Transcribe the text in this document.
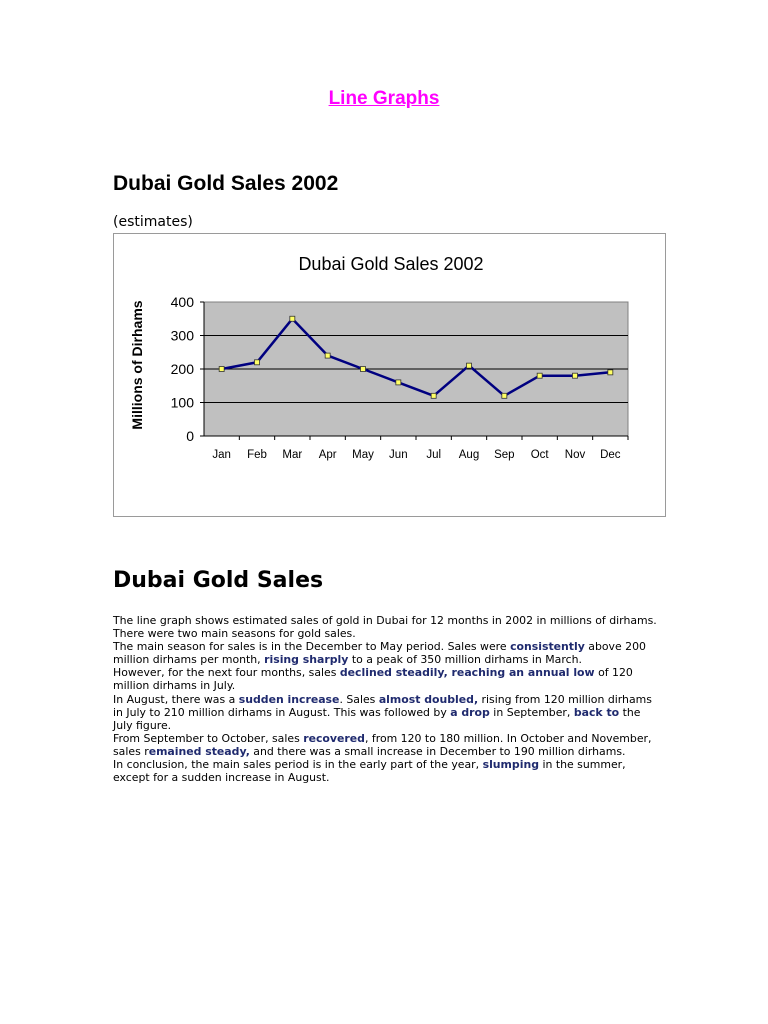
Line Graphs
Dubai Gold Sales 2002
(estimates)
Dubai Gold Sales 2002
Millions of Dirhams
0
100
200
300
400
Jan Feb Mar Apr May Jun Jul Aug Sep Oct Nov Dec
Dubai Gold Sales

The line graph shows estimated sales of gold in Dubai for 12 months in 2002 in millions of dirhams. There were two main seasons for gold sales.

The main season for sales is in the December to May period. Sales were consistently above 200 million dirhams per month, rising sharply to a peak of 350 million dirhams in March.

However, for the next four months, sales declined steadily, reaching an annual low of 120 million dirhams in July.

In August, there was a sudden increase. Sales almost doubled, rising from 120 million dirhams in July to 210 million dirhams in August. This was followed by a drop in September, back to the July figure.

From September to October, sales recovered, from 120 to 180 million. In October and November, sales remained steady, and there was a small increase in December to 190 million dirhams.

In conclusion, the main sales period is in the early part of the year, slumping in the summer, except for a sudden increase in August.
